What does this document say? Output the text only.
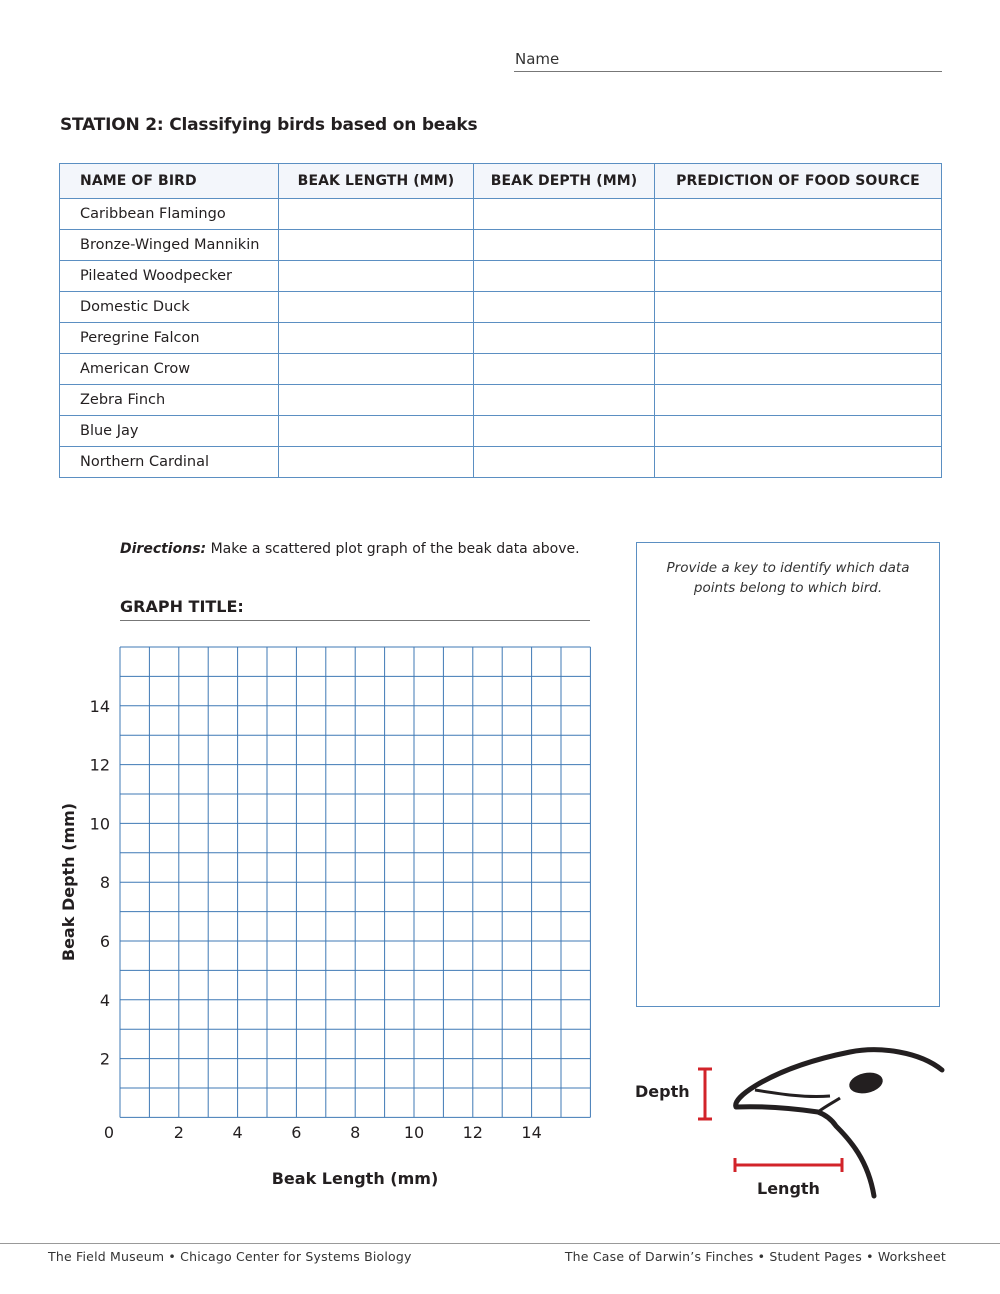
Name
STATION 2: Classifying birds based on beaks
NAME OF BIRD	BEAK LENGTH (MM)	BEAK DEPTH (MM)	PREDICTION OF FOOD SOURCE
Caribbean Flamingo			
Bronze-Winged Mannikin			
Pileated Woodpecker			
Domestic Duck			
Peregrine Falcon			
American Crow			
Zebra Finch			
Blue Jay			
Northern Cardinal			
Directions: Make a scattered plot graph of the beak data above.
GRAPH TITLE:
0	2	4	6	8	10 12 14
2
4
6
8
10
12
14
Beak Length (mm)
Beak Depth (mm)
Provide a key to identify which data points belong to which bird.
Depth
Length
The Field Museum • Chicago Center for Systems Biology	The Case of Darwin’s Finches • Student Pages • Worksheet
